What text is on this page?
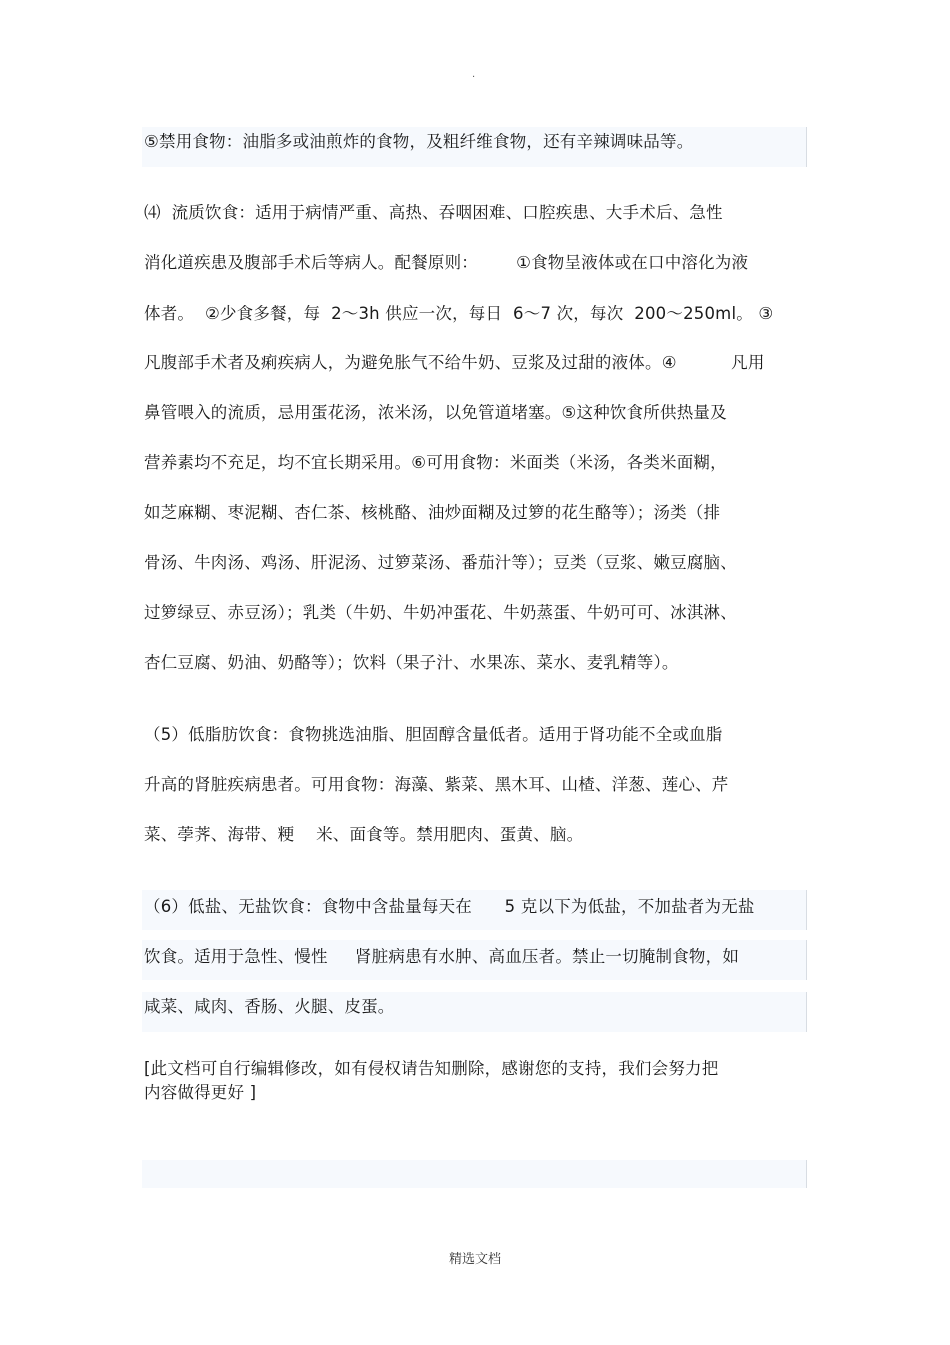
·
⑤禁用食物：油脂多或油煎炸的食物，及粗纤维食物，还有辛辣调味品等。
⑷  流质饮食：适用于病情严重、高热、吞咽困难、口腔疾患、大手术后、急性
消化道疾患及腹部手术后等病人。配餐原则：       ①食物呈液体或在口中溶化为液
体者。  ②少食多餐，每  2～3h 供应一次，每日  6～7 次，每次  200～250ml。 ③
凡腹部手术者及痢疾病人，为避免胀气不给牛奶、豆浆及过甜的液体。④          凡用
鼻管喂入的流质，忌用蛋花汤，浓米汤，以免管道堵塞。⑤这种饮食所供热量及
营养素均不充足，均不宜长期采用。⑥可用食物：米面类（米汤，各类米面糊，
如芝麻糊、枣泥糊、杏仁茶、核桃酪、油炒面糊及过箩的花生酪等）；汤类（排
骨汤、牛肉汤、鸡汤、肝泥汤、过箩菜汤、番茄汁等）；豆类（豆浆、嫩豆腐脑、
过箩绿豆、赤豆汤）；乳类（牛奶、牛奶冲蛋花、牛奶蒸蛋、牛奶可可、冰淇淋、
杏仁豆腐、奶油、奶酪等）；饮料（果子汁、水果冻、菜水、麦乳精等）。
（5）低脂肪饮食：食物挑选油脂、胆固醇含量低者。适用于肾功能不全或血脂
升高的肾脏疾病患者。可用食物：海藻、紫菜、黑木耳、山楂、洋葱、莲心、芹
菜、荸荠、海带、粳    米、面食等。禁用肥肉、蛋黄、脑。
（6）低盐、无盐饮食：食物中含盐量每天在      5 克以下为低盐，不加盐者为无盐
饮食。适用于急性、慢性     肾脏病患有水肿、高血压者。禁止一切腌制食物，如
咸菜、咸肉、香肠、火腿、皮蛋。
[此文档可自行编辑修改，如有侵权请告知删除，感谢您的支持，我们会努力把
内容做得更好 ]
精选文档
